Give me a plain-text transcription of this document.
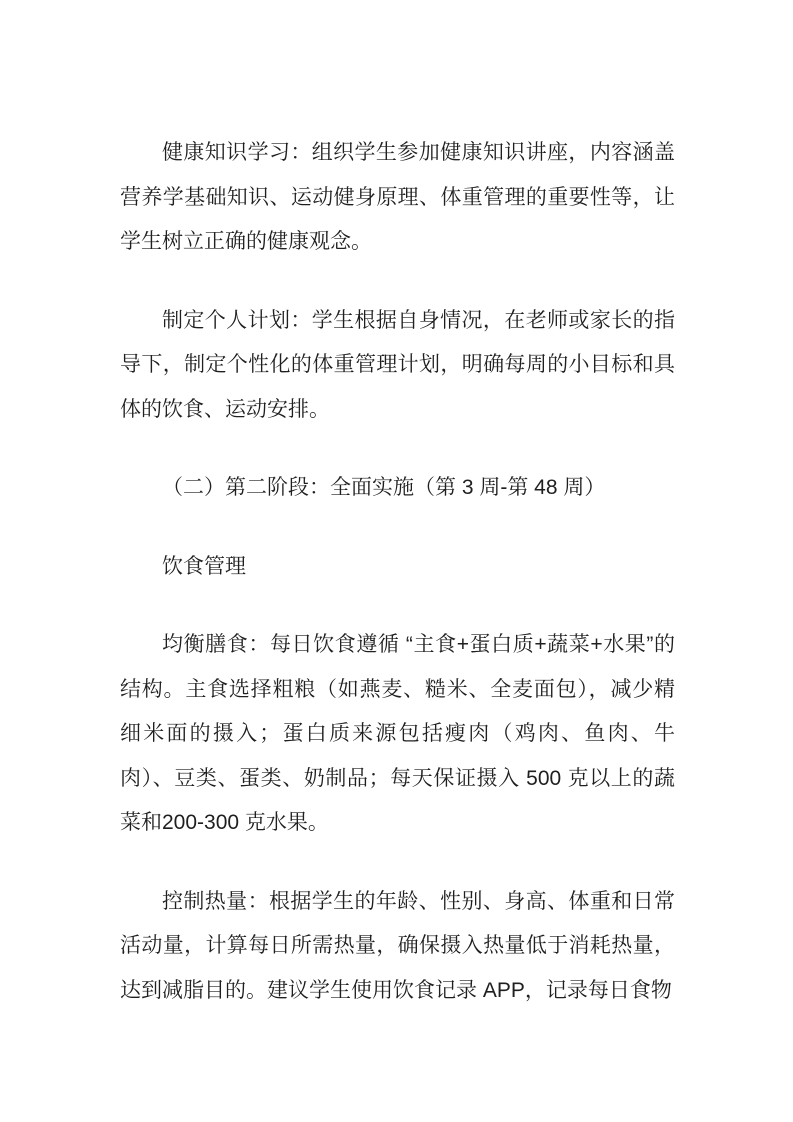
健康知识学习：组织学生参加健康知识讲座，内容涵盖营养学基础知识、运动健身原理、体重管理的重要性等，让学生树立正确的健康观念。

制定个人计划：学生根据自身情况，在老师或家长的指导下，制定个性化的体重管理计划，明确每周的小目标和具体的饮食、运动安排。

（二）第二阶段：全面实施（第 3 周-第 48 周）

饮食管理

均衡膳食：每日饮食遵循 “主食+蛋白质+蔬菜+水果”的结构。主食选择粗粮（如燕麦、糙米、全麦面包），减少精细米面的摄入；蛋白质来源包括瘦肉（鸡肉、鱼肉、牛肉）、豆类、蛋类、奶制品；每天保证摄入 500 克以上的蔬菜和200-300 克水果。

控制热量：根据学生的年龄、性别、身高、体重和日常活动量，计算每日所需热量，确保摄入热量低于消耗热量，达到减脂目的。建议学生使用饮食记录 APP，记录每日食物
